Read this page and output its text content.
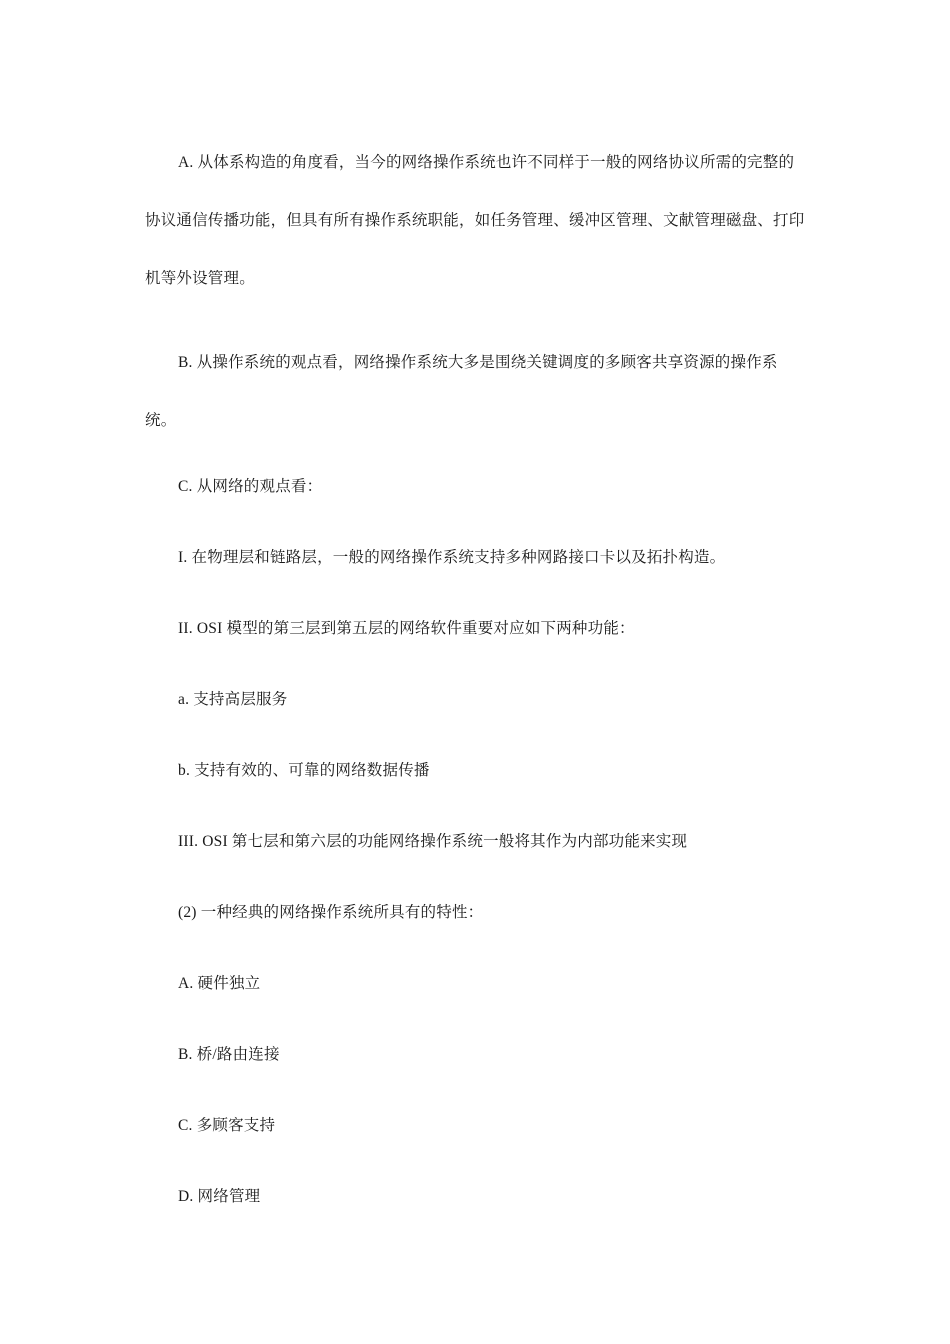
A. 从体系构造的角度看，当今的网络操作系统也许不同样于一般的网络协议所需的完整的协议通信传播功能，但具有所有操作系统职能，如任务管理、缓冲区管理、文献管理磁盘、打印机等外设管理。

B. 从操作系统的观点看，网络操作系统大多是围绕关键调度的多顾客共享资源的操作系统。

C. 从网络的观点看：

I. 在物理层和链路层，一般的网络操作系统支持多种网路接口卡以及拓扑构造。

II. OSI 模型的第三层到第五层的网络软件重要对应如下两种功能：

a. 支持高层服务

b. 支持有效的、可靠的网络数据传播

III. OSI 第七层和第六层的功能网络操作系统一般将其作为内部功能来实现

(2) 一种经典的网络操作系统所具有的特性：

A. 硬件独立

B. 桥/路由连接

C. 多顾客支持

D. 网络管理
